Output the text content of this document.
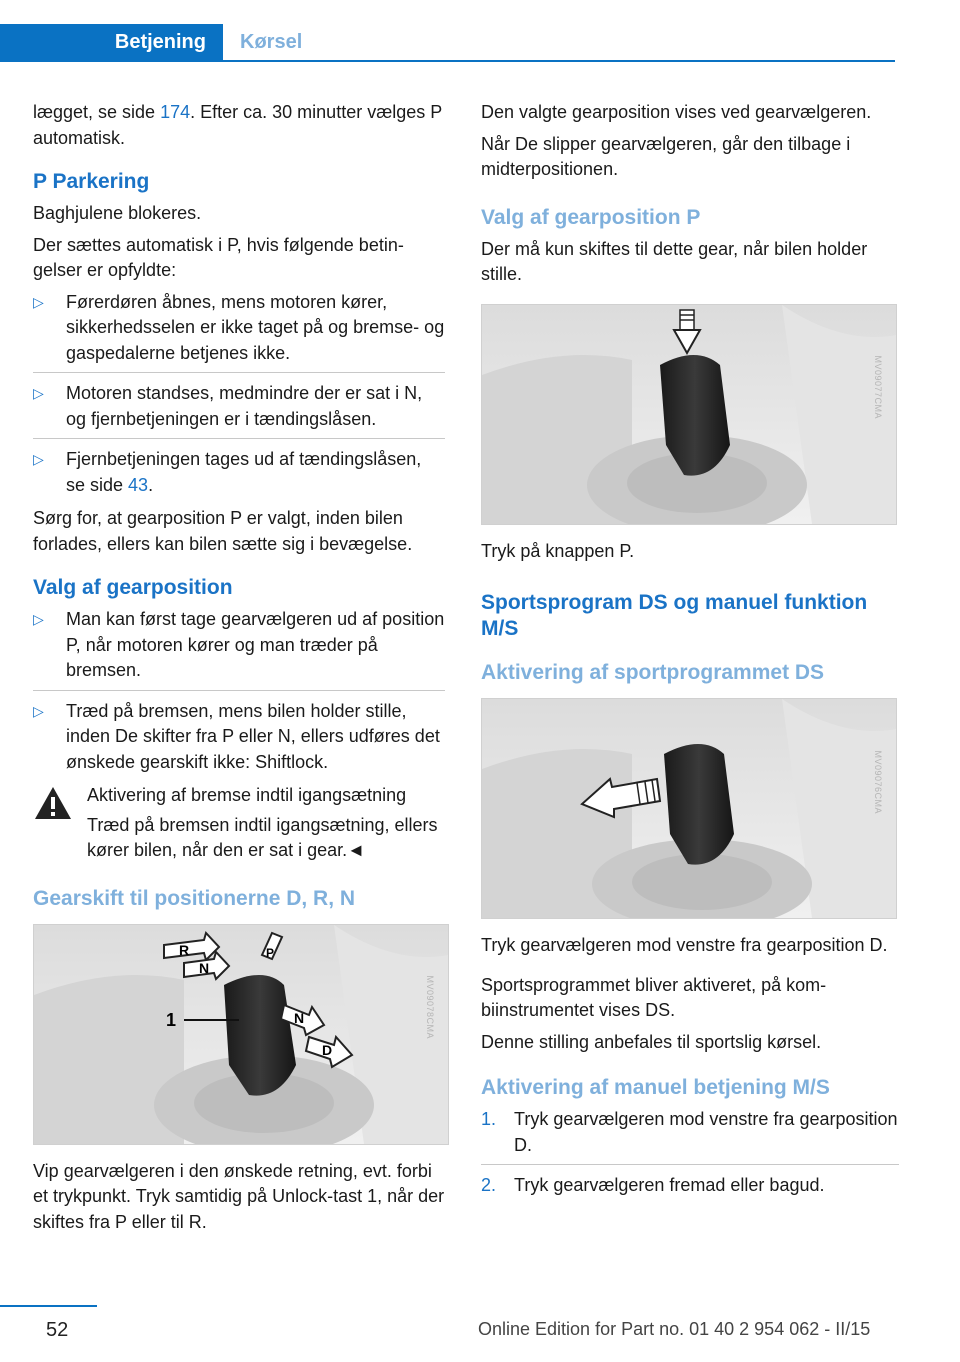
Betjening Kørsel

lægget, se side 174. Efter ca. 30 minutter vælges P automatisk.

P Parkering

Baghjulene blokeres.

Der sættes automatisk i P, hvis følgende betingelser er opfyldte:

▷ Førerdøren åbnes, mens motoren kører, sikkerhedsselen er ikke taget på og bremse- og gaspedalerne betjenes ikke.
▷ Motoren standses, medmindre der er sat i N, og fjernbetjeningen er i tændingslåsen.
▷ Fjernbetjeningen tages ud af tændingslåsen, se side 43.

Sørg for, at gearposition P er valgt, inden bilen forlades, ellers kan bilen sætte sig i bevægelse.

Valg af gearposition
▷ Man kan først tage gearvælgeren ud af position P, når motoren kører og man træder på bremsen.
▷ Træd på bremsen, mens bilen holder stille, inden De skifter fra P eller N, ellers udføres det ønskede gearskift ikke: Shiftlock.
Aktivering af bremse indtil igangsætning
Træd på bremsen indtil igangsætning, ellers kører bilen, når den er sat i gear.◄
Gearskift til positionerne D, R, N
R
N
P
N
D
1	MV09078CMA

Vip gearvælgeren i den ønskede retning, evt. forbi et trykpunkt. Tryk samtidig på Unlock-tast 1, når der skiftes fra P eller til R.

Den valgte gearposition vises ved gearvælgeren.

Når De slipper gearvælgeren, går den tilbage i midterpositionen.

Valg af gearposition P

Der må kun skiftes til dette gear, når bilen holder stille.

MV09077CMA

Tryk på knappen P.

Sportsprogram DS og manuel funktion M/S
Aktivering af sportprogrammet DS
MV09076CMA

Tryk gearvælgeren mod venstre fra gearposition D.

Sportsprogrammet bliver aktiveret, på kombiinstrumentet vises DS.

Denne stilling anbefales til sportslig kørsel.

Aktivering af manuel betjening M/S
1. Tryk gearvælgeren mod venstre fra gearposition D.
2. Tryk gearvælgeren fremad eller bagud.
52	Online Edition for Part no. 01 40 2 954 062 - II/15
